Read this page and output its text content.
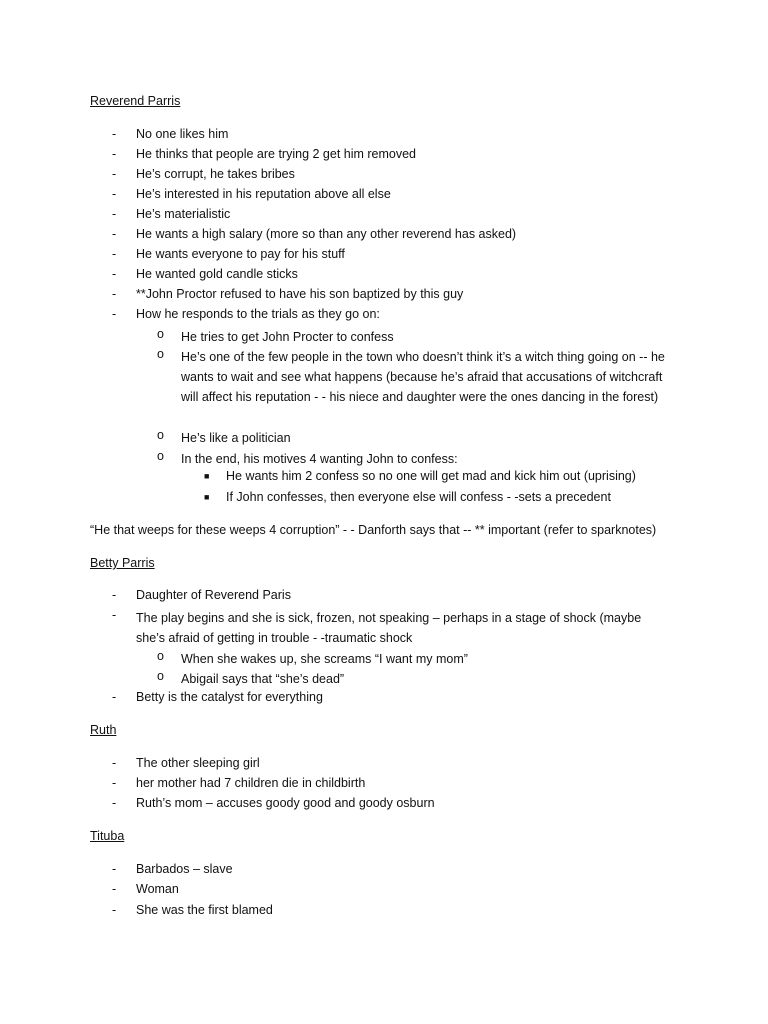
Reverend Parris
- No one likes him
- He thinks that people are trying 2 get him removed
- He’s corrupt, he takes bribes
- He’s interested in his reputation above all else
- He’s materialistic
- He wants a high salary (more so than any other reverend has asked)
- He wants everyone to pay for his stuff
- He wanted gold candle sticks
- **John Proctor refused to have his son baptized by this guy
- How he responds to the trials as they go on:
o He tries to get John Procter to confess
o He’s one of the few people in the town who doesn’t think it’s a witch thing going on -- he wants to wait and see what happens (because he’s afraid that accusations of witchcraft will affect his reputation - - his niece and daughter were the ones dancing in the forest)
o He’s like a politician
o In the end, his motives 4 wanting John to confess:
■ He wants him 2 confess so no one will get mad and kick him out (uprising)
■ If John confesses, then everyone else will confess - -sets a precedent
“He that weeps for these weeps 4 corruption” - - Danforth says that -- ** important (refer to sparknotes)
Betty Parris
- Daughter of Reverend Paris
- The play begins and she is sick, frozen, not speaking – perhaps in a stage of shock (maybe she’s afraid of getting in trouble - -traumatic shock
o When she wakes up, she screams “I want my mom”
o Abigail says that “she’s dead”
- Betty is the catalyst for everything
Ruth
- The other sleeping girl
- her mother had 7 children die in childbirth
- Ruth’s mom – accuses goody good and goody osburn
Tituba
- Barbados – slave
- Woman
- She was the first blamed
